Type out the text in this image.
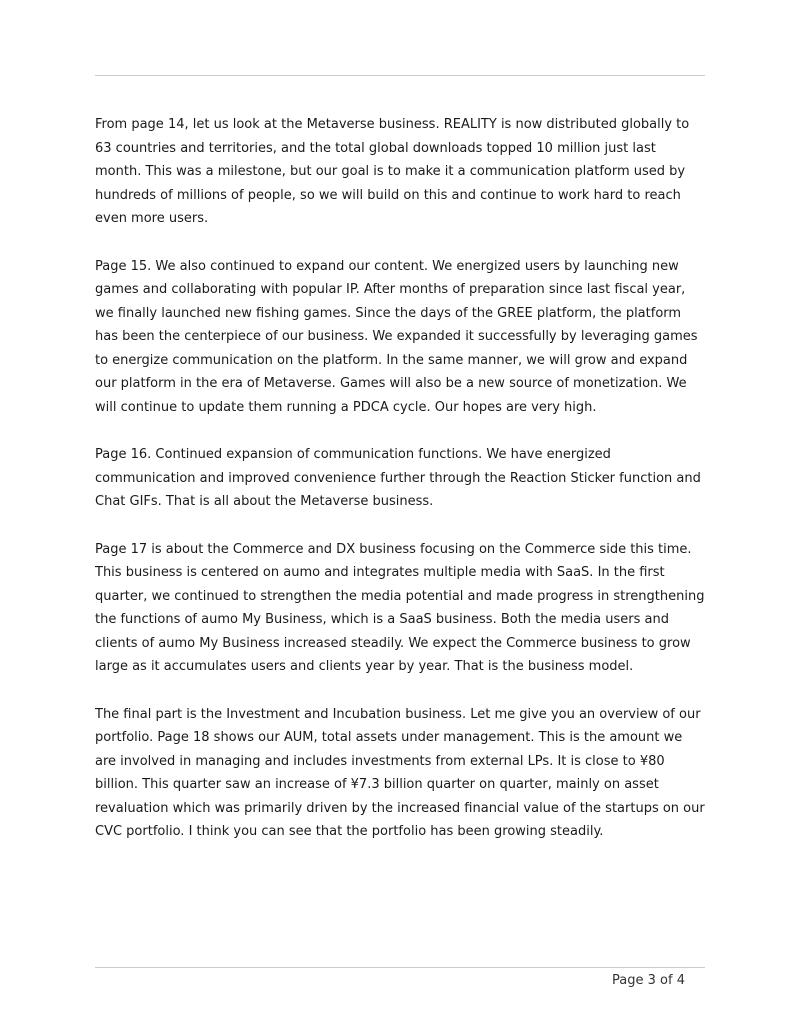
From page 14, let us look at the Metaverse business. REALITY is now distributed globally to 63 countries and territories, and the total global downloads topped 10 million just last month. This was a milestone, but our goal is to make it a communication platform used by hundreds of millions of people, so we will build on this and continue to work hard to reach even more users.

Page 15. We also continued to expand our content. We energized users by launching new games and collaborating with popular IP. After months of preparation since last fiscal year, we finally launched new fishing games. Since the days of the GREE platform, the platform has been the centerpiece of our business. We expanded it successfully by leveraging games to energize communication on the platform. In the same manner, we will grow and expand our platform in the era of Metaverse. Games will also be a new source of monetization. We will continue to update them running a PDCA cycle. Our hopes are very high.

Page 16. Continued expansion of communication functions. We have energized communication and improved convenience further through the Reaction Sticker function and Chat GIFs. That is all about the Metaverse business.

Page 17 is about the Commerce and DX business focusing on the Commerce side this time. This business is centered on aumo and integrates multiple media with SaaS. In the first quarter, we continued to strengthen the media potential and made progress in strengthening the functions of aumo My Business, which is a SaaS business. Both the media users and clients of aumo My Business increased steadily. We expect the Commerce business to grow large as it accumulates users and clients year by year. That is the business model.

The final part is the Investment and Incubation business. Let me give you an overview of our portfolio. Page 18 shows our AUM, total assets under management. This is the amount we are involved in managing and includes investments from external LPs. It is close to ¥80 billion. This quarter saw an increase of ¥7.3 billion quarter on quarter, mainly on asset revaluation which was primarily driven by the increased financial value of the startups on our CVC portfolio. I think you can see that the portfolio has been growing steadily.

Page 3 of 4
